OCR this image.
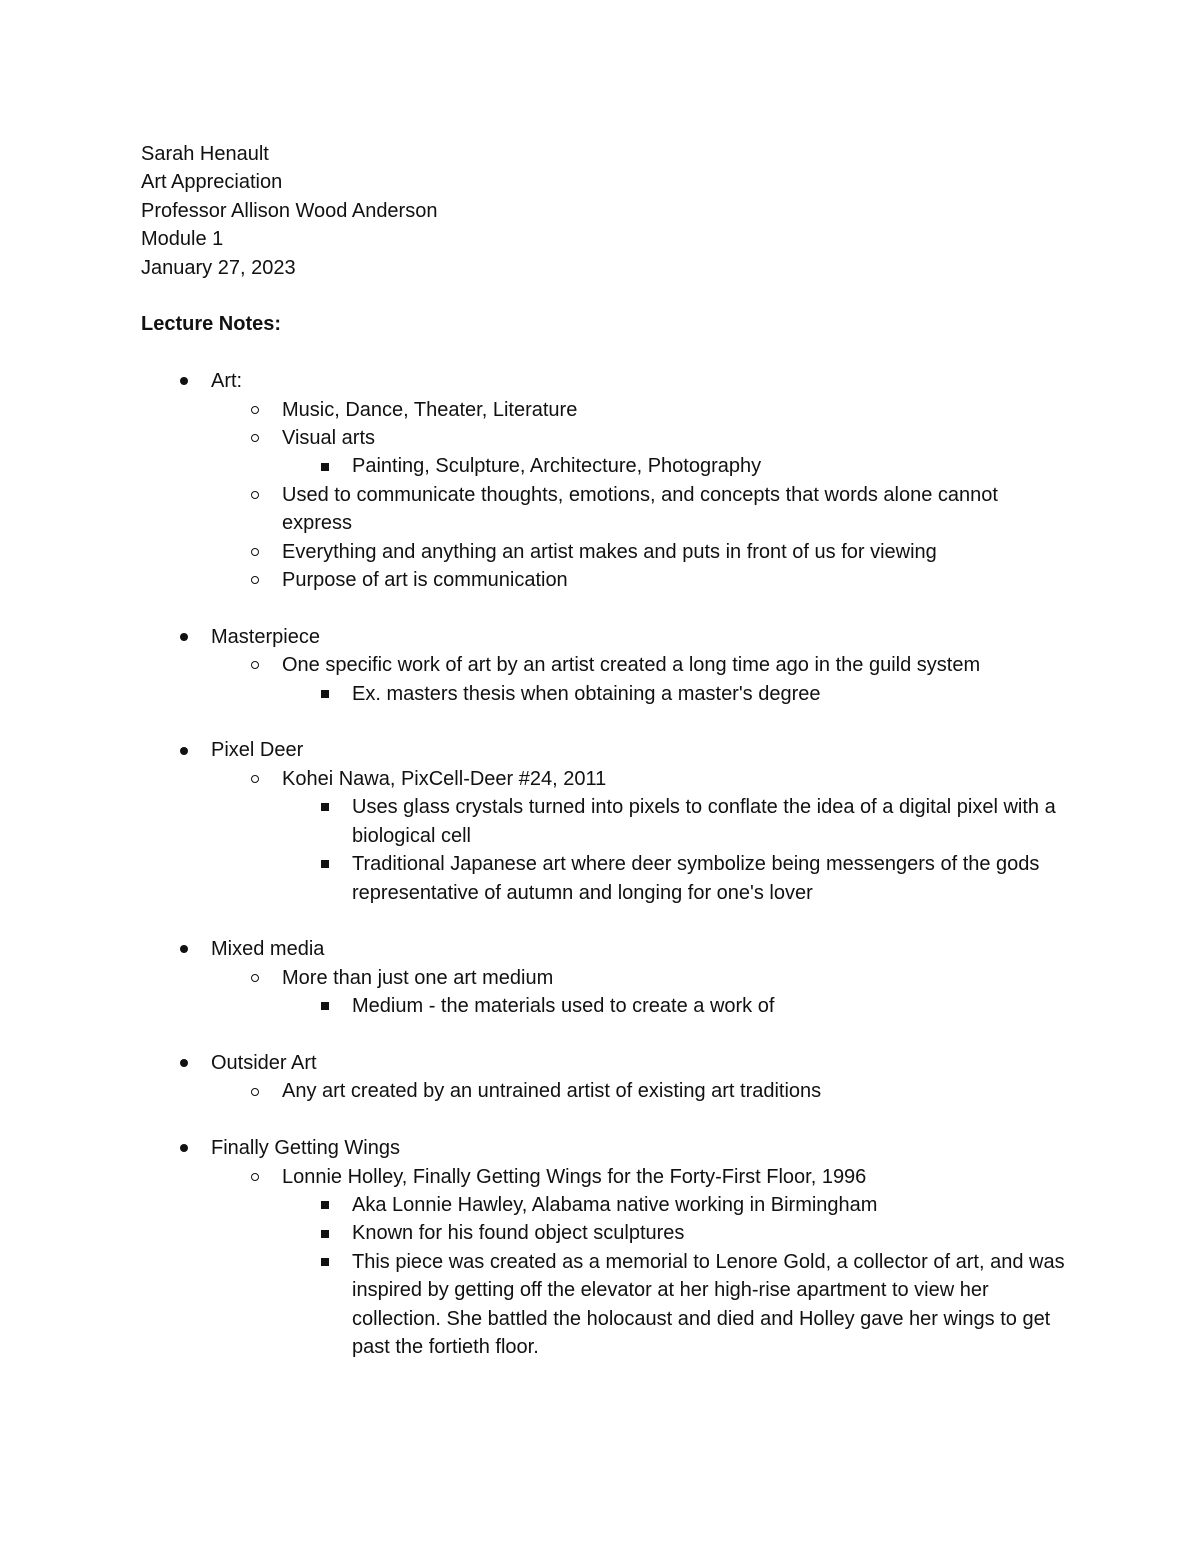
Sarah Henault
Art Appreciation
Professor Allison Wood Anderson
Module 1
January 27, 2023
Lecture Notes:
Art:
Music, Dance, Theater, Literature
Visual arts
Painting, Sculpture, Architecture, Photography
Used to communicate thoughts, emotions, and concepts that words alone cannot express
Everything and anything an artist makes and puts in front of us for viewing
Purpose of art is communication
Masterpiece
One specific work of art by an artist created a long time ago in the guild system
Ex. masters thesis when obtaining a master's degree
Pixel Deer
Kohei Nawa, PixCell-Deer #24, 2011
Uses glass crystals turned into pixels to conflate the idea of a digital pixel with a biological cell
Traditional Japanese art where deer symbolize being messengers of the gods representative of autumn and longing for one's lover
Mixed media
More than just one art medium
Medium - the materials used to create a work of
Outsider Art
Any art created by an untrained artist of existing art traditions
Finally Getting Wings
Lonnie Holley, Finally Getting Wings for the Forty-First Floor, 1996
Aka Lonnie Hawley, Alabama native working in Birmingham
Known for his found object sculptures
This piece was created as a memorial to Lenore Gold, a collector of art, and was inspired by getting off the elevator at her high-rise apartment to view her collection. She battled the holocaust and died and Holley gave her wings to get past the fortieth floor.
